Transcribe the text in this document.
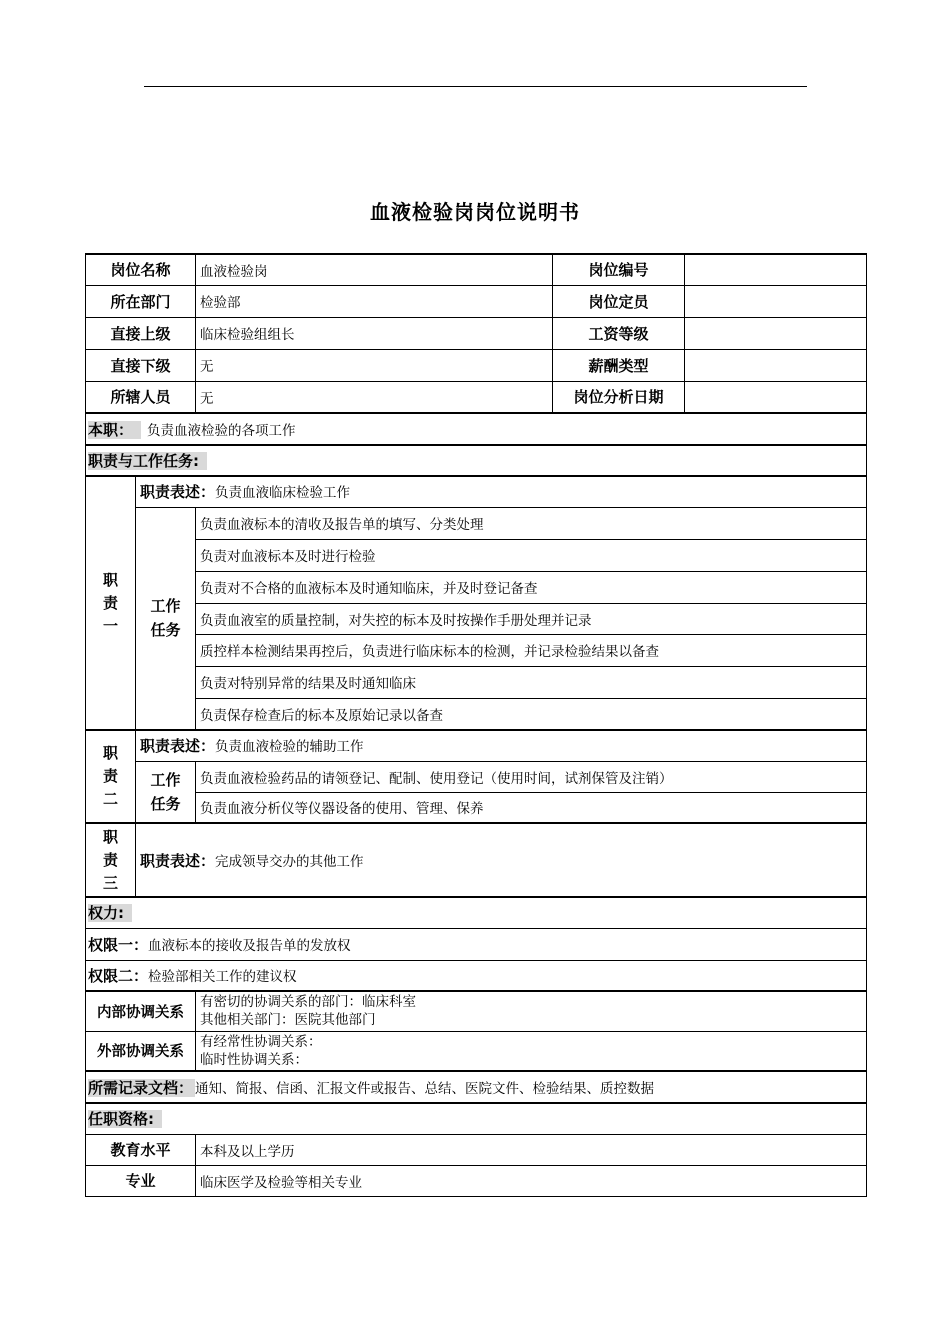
血液检验岗岗位说明书
岗位名称		血液检验岗	岗位编号	
所在部门		检验部	岗位定员	
直接上级		临床检验组组长	工资等级	
直接下级		无	薪酬类型	
所辖人员		无	岗位分析日期	
本职： 负责血液检验的各项工作				
职责与工作任务:				
职
责
一	职责表述：负责血液临床检验工作			
	工作
任务	负责血液标本的清收及报告单的填写、分类处理		
		负责对血液标本及时进行检验		
		负责对不合格的血液标本及时通知临床，并及时登记备查		
		负责血液室的质量控制，对失控的标本及时按操作手册处理并记录		
		质控样本检测结果再控后，负责进行临床标本的检测，并记录检验结果以备查		
		负责对特别异常的结果及时通知临床		
		负责保存检查后的标本及原始记录以备查		
职
责
二	职责表述：负责血液检验的辅助工作			
	工作
任务	负责血液检验药品的请领登记、配制、使用登记（使用时间，试剂保管及注销）		
		负责血液分析仪等仪器设备的使用、管理、保养		
职
责
三	职责表述：完成领导交办的其他工作			
权力:				
权限一：血液标本的接收及报告单的发放权				
权限二：检验部相关工作的建议权				
内部协调关系		有密切的协调关系的部门：临床科室
其他相关部门：医院其他部门		

外部协调关系		有经常性协调关系：
临时性协调关系：		

所需记录文档： 通知、简报、信函、汇报文件或报告、总结、医院文件、检验结果、质控数据				
任职资格:				
教育水平		本科及以上学历		
专业		临床医学及检验等相关专业		
